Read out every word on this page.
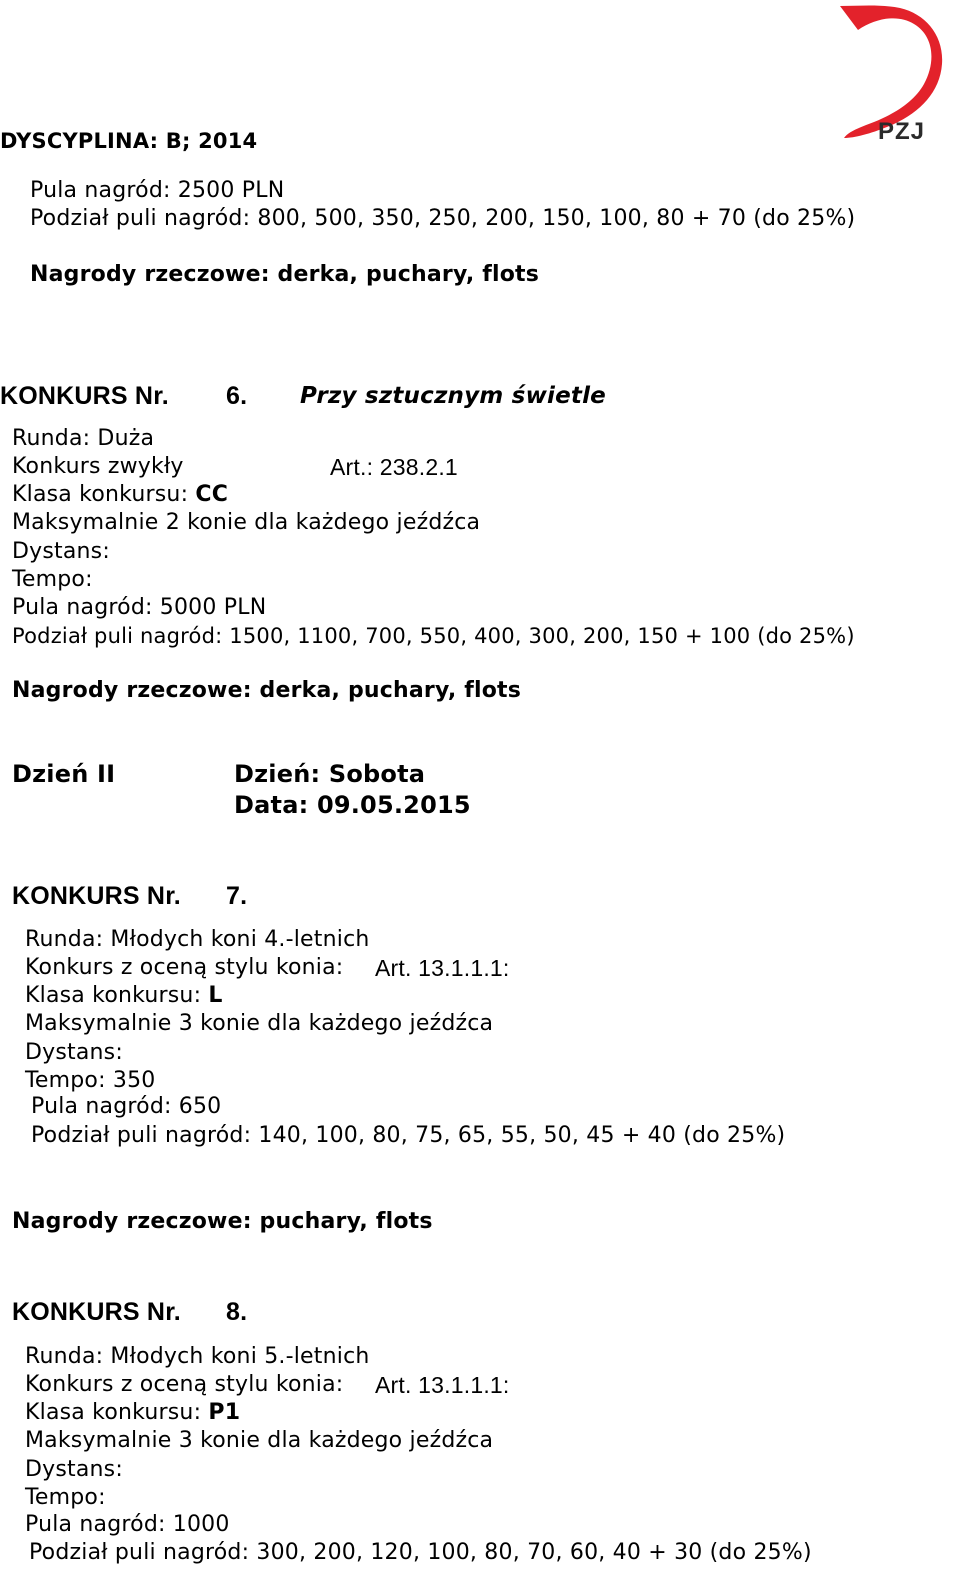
PZJ
DYSCYPLINA: B; 2014
Pula nagród: 2500 PLN
Podział puli nagród: 800, 500, 350, 250, 200, 150, 100, 80 + 70 (do 25%)
Nagrody rzeczowe: derka, puchary, flots
KONKURS Nr. 6. Przy sztucznym świetle
Runda: Duża
Konkurs zwykły	Art.: 238.2.1
Klasa konkursu: CC
Maksymalnie 2 konie dla każdego jeźdźca
Dystans:
Tempo:
Pula nagród: 5000 PLN
Podział puli nagród: 1500, 1100, 700, 550, 400, 300, 200, 150 + 100 (do 25%)
Nagrody rzeczowe: derka, puchary, flots
Dzień II	Dzień: Sobota
Data: 09.05.2015
KONKURS Nr. 7.
Runda: Młodych koni 4.-letnich
Konkurs z oceną stylu konia: Art. 13.1.1.1:
Klasa konkursu: L
Maksymalnie 3 konie dla każdego jeźdźca
Dystans:
Tempo: 350
Pula nagród: 650
Podział puli nagród: 140, 100, 80, 75, 65, 55, 50, 45 + 40 (do 25%)
Nagrody rzeczowe: puchary, flots
KONKURS Nr. 8.
Runda: Młodych koni 5.-letnich
Konkurs z oceną stylu konia: Art. 13.1.1.1:
Klasa konkursu: P1
Maksymalnie 3 konie dla każdego jeźdźca
Dystans:
Tempo:
Pula nagród: 1000
Podział puli nagród: 300, 200, 120, 100, 80, 70, 60, 40 + 30 (do 25%)
